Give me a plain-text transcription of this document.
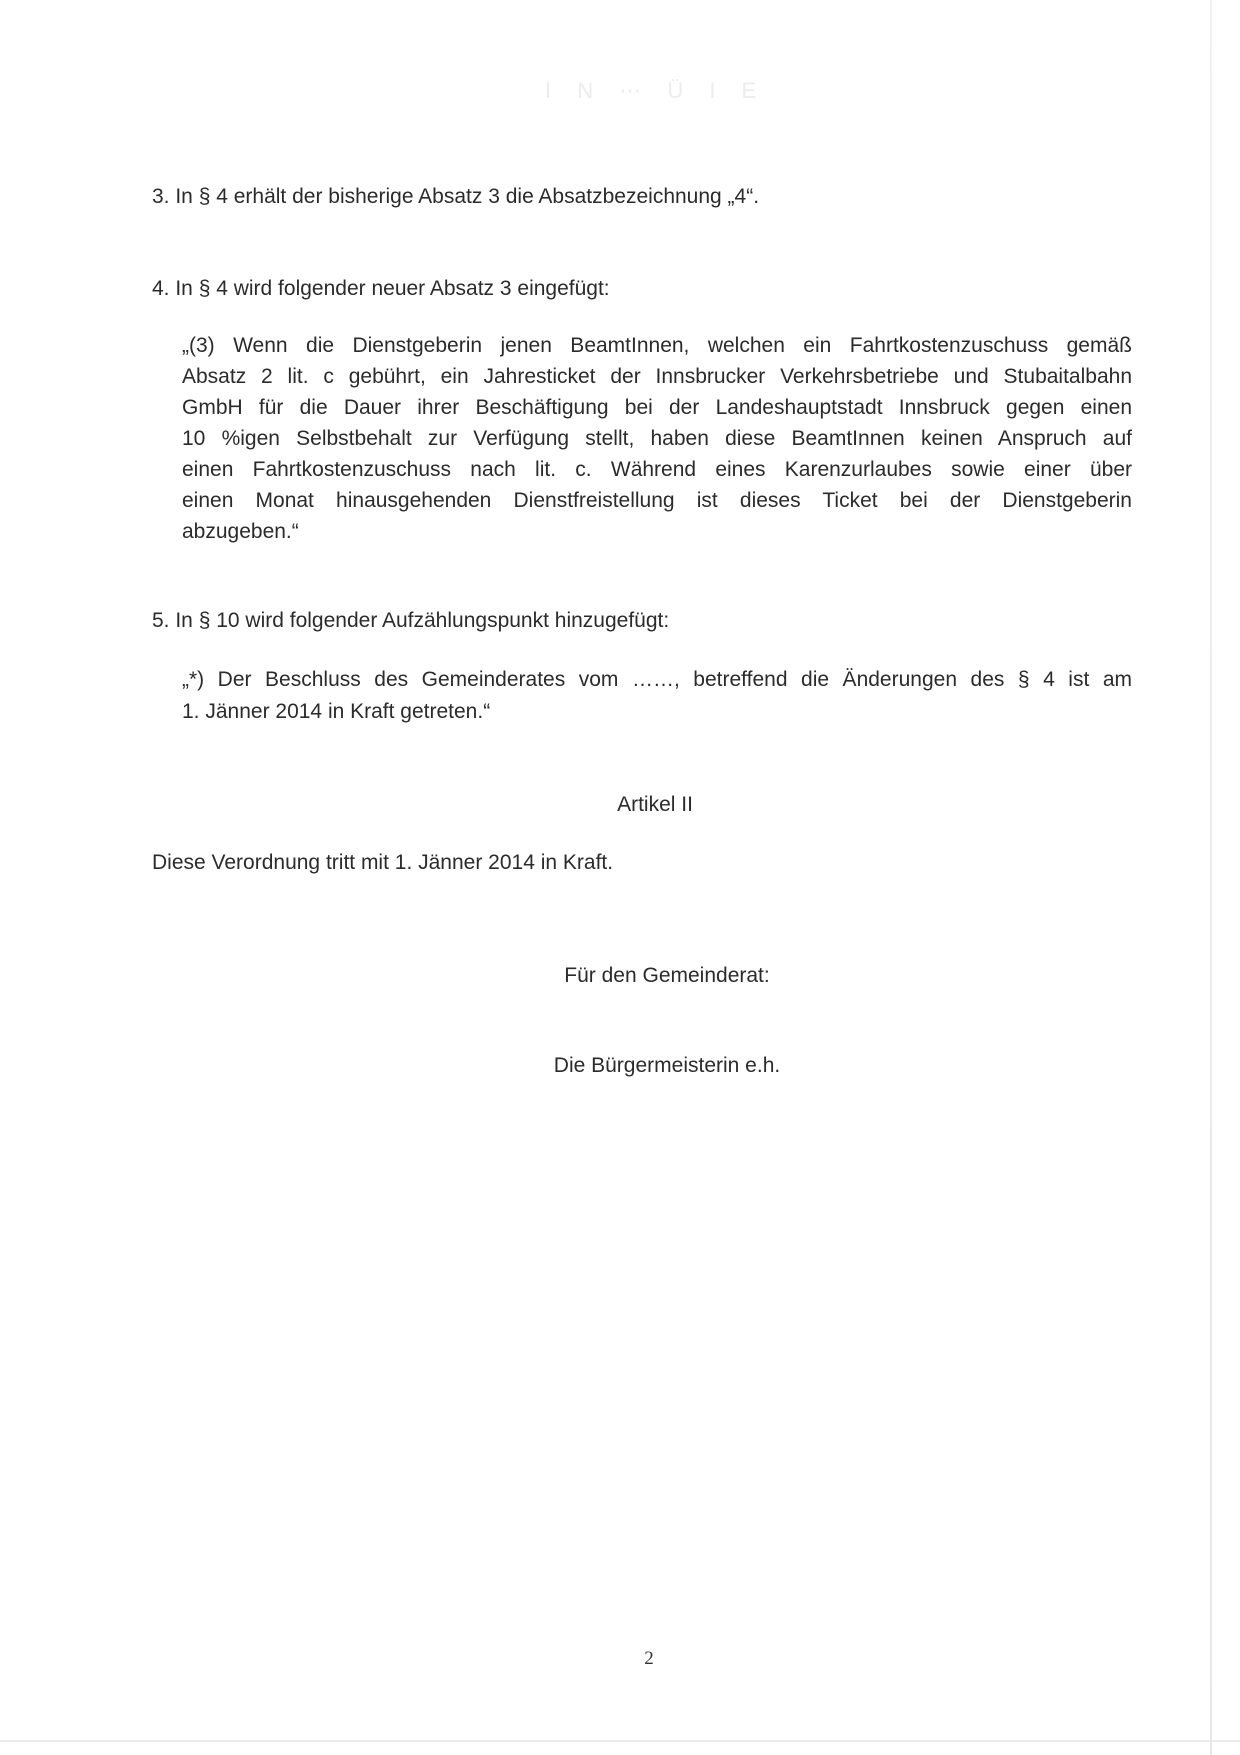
I N ⋯ Ü I E

3. In § 4 erhält der bisherige Absatz 3 die Absatzbezeichnung „4“.

4. In § 4 wird folgender neuer Absatz 3 eingefügt:

„(3) Wenn die Dienstgeberin jenen BeamtInnen, welchen ein Fahrtkostenzuschuss gemäß

Absatz 2 lit. c gebührt, ein Jahresticket der Innsbrucker Verkehrsbetriebe und Stubaitalbahn

GmbH für die Dauer ihrer Beschäftigung bei der Landeshauptstadt Innsbruck gegen einen

10 %igen Selbstbehalt zur Verfügung stellt, haben diese BeamtInnen keinen Anspruch auf

einen Fahrtkostenzuschuss nach lit. c. Während eines Karenzurlaubes sowie einer über

einen Monat hinausgehenden Dienstfreistellung ist dieses Ticket bei der Dienstgeberin

abzugeben.“

5. In § 10 wird folgender Aufzählungspunkt hinzugefügt:

„*) Der Beschluss des Gemeinderates vom ……, betreffend die Änderungen des § 4 ist am

1. Jänner 2014 in Kraft getreten.“

Artikel II

Diese Verordnung tritt mit 1. Jänner 2014 in Kraft.

Für den Gemeinderat:

Die Bürgermeisterin e.h.

2
